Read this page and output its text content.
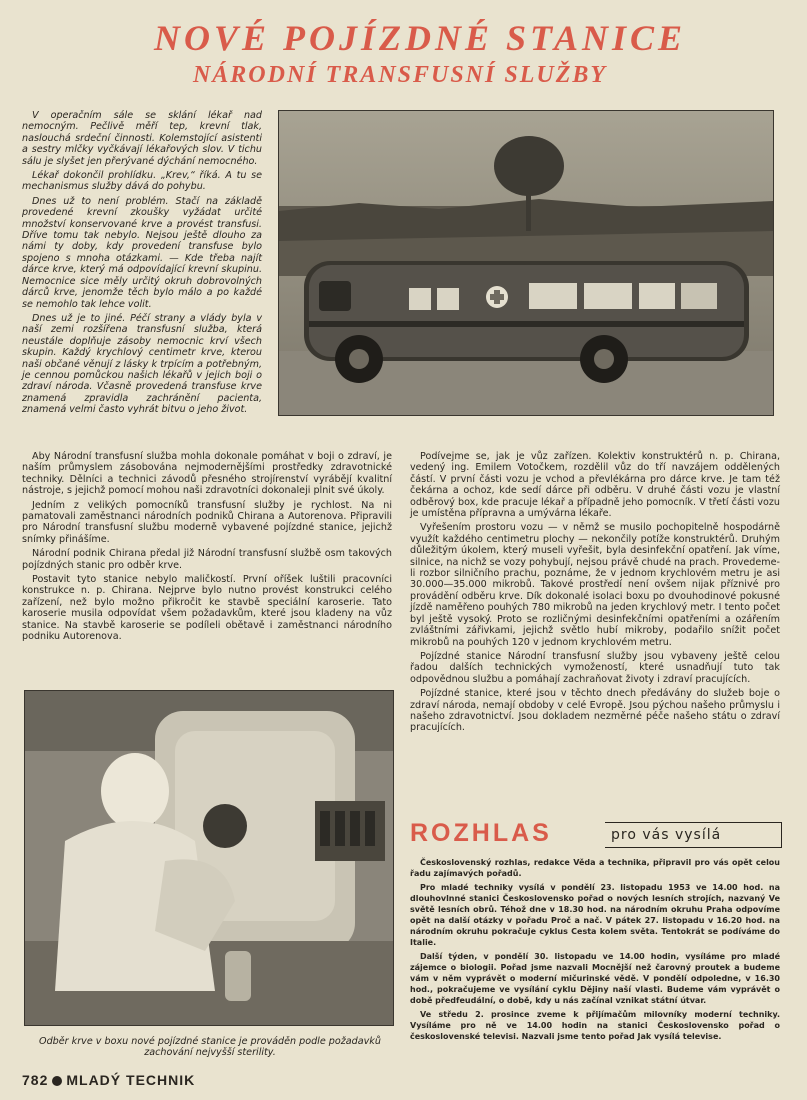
NOVÉ POJÍZDNÉ STANICE
NÁRODNÍ TRANSFUSNÍ SLUŽBY

V operačním sále se sklání lékař nad nemocným. Pečlivě měří tep, krevní tlak, naslouchá srdeční činnosti. Kolemstojící asistenti a sestry mlčky vyčkávají lékařových slov. V tichu sálu je slyšet jen přerývané dýchání nemocného.

Lékař dokončil prohlídku. „Krev,“ říká. A tu se mechanismus služby dává do pohybu.

Dnes už to není problém. Stačí na základě provedené krevní zkoušky vyžádat určité množství konservované krve a provést transfusi. Dříve tomu tak nebylo. Nejsou ještě dlouho za námi ty doby, kdy provedení transfuse bylo spojeno s mnoha otázkami. — Kde třeba najít dárce krve, který má odpovídající krevní skupinu. Nemocnice sice měly určitý okruh dobrovolných dárců krve, jenomže těch bylo málo a po každé se nemohlo tak lehce volit.

Dnes už je to jiné. Péčí strany a vlády byla v naší zemi rozšířena transfusní služba, která neustále doplňuje zásoby nemocnic krví všech skupin. Každý krychlový centimetr krve, kterou naši občané věnují z lásky k trpícím a potřebným, je cennou pomůckou našich lékařů v jejich boji o zdraví národa. Včasně provedená transfuse krve znamená zpravidla zachránění pacienta, znamená velmi často vyhrát bitvu o jeho život.

Aby Národní transfusní služba mohla dokonale pomáhat v boji o zdraví, je naším průmyslem zásobována nejmodernějšími prostředky zdravotnické techniky. Dělníci a technici závodů přesného strojírenství vyrábějí kvalitní nástroje, s jejichž pomocí mohou naši zdravotníci dokonaleji plnit své úkoly.

Jedním z velikých pomocníků transfusní služby je rychlost. Na ni pamatovali zaměstnanci národních podniků Chirana a Autorenova. Připravili pro Národní transfusní službu moderně vybavené pojízdné stanice, jejichž snímky přinášíme.

Národní podnik Chirana předal již Národní transfusní službě osm takových pojízdných stanic pro odběr krve.

Postavit tyto stanice nebylo maličkostí. První oříšek luštili pracovníci konstrukce n. p. Chirana. Nejprve bylo nutno provést konstrukci celého zařízení, než bylo možno přikročit ke stavbě speciální karoserie. Tato karoserie musila odpovídat všem požadavkům, které jsou kladeny na vůz stanice. Na stavbě karoserie se podíleli obětavě i zaměstnanci národního podniku Autorenova.

Podívejme se, jak je vůz zařízen. Kolektiv konstruktérů n. p. Chirana, vedený ing. Emilem Votočkem, rozdělil vůz do tří navzájem oddělených částí. V první části vozu je vchod a převlékárna pro dárce krve. Je tam též čekárna a ochoz, kde sedí dárce při odběru. V druhé části vozu je vlastní odběrový box, kde pracuje lékař a případně jeho pomocník. V třetí části vozu je umístěna přípravna a umývárna lékaře.

Vyřešením prostoru vozu — v němž se musilo pochopitelně hospodárně využít každého centimetru plochy — nekončily potíže konstruktérů. Druhým důležitým úkolem, který museli vyřešit, byla desinfekční opatření. Jak víme, silnice, na nichž se vozy pohybují, nejsou právě chudé na prach. Provedeme-li rozbor silničního prachu, poznáme, že v jednom krychlovém metru je asi 30.000—35.000 mikrobů. Takové prostředí není ovšem nijak příznivé pro provádění odběru krve. Dík dokonalé isolaci boxu po dvouhodinové pokusné jízdě naměřeno pouhých 780 mikrobů na jeden krychlový metr. I tento počet byl ještě vysoký. Proto se rozličnými desinfekčními opatřeními a ozářením zvláštními zářivkami, jejichž světlo hubí mikroby, podařilo snížit počet mikrobů na pouhých 120 v jednom krychlovém metru.

Pojízdné stanice Národní transfusní služby jsou vybaveny ještě celou řadou dalších technických vymožeností, které usnadňují tuto tak odpovědnou službu a pomáhají zachraňovat životy i zdraví pracujících.

Pojízdné stanice, které jsou v těchto dnech předávány do služeb boje o zdraví národa, nemají obdoby v celé Evropě. Jsou pýchou našeho průmyslu i našeho zdravotnictví. Jsou dokladem nezměrné péče našeho státu o zdraví pracujících.

Odběr krve v boxu nové pojízdné stanice je prováděn podle požadavků zachování nejvyšší sterility.
ROZHLAS	pro vás vysílá

Československý rozhlas, redakce Věda a technika, připravil pro vás opět celou řadu zajímavých pořadů.

Pro mladé techniky vysílá v pondělí 23. listopadu 1953 ve 14.00 hod. na dlouhovlnné stanici Československo pořad o nových lesních strojích, nazvaný Ve světě lesních obrů. Téhož dne v 18.30 hod. na národním okruhu Praha odpovíme opět na další otázky v pořadu Proč a nač. V pátek 27. listopadu v 16.20 hod. na národním okruhu pokračuje cyklus Cesta kolem světa. Tentokrát se podíváme do Italie.

Další týden, v pondělí 30. listopadu ve 14.00 hodin, vysíláme pro mladé zájemce o biologii. Pořad jsme nazvali Mocnější než čarovný proutek a budeme vám v něm vyprávět o moderní mičurinské vědě. V pondělí odpoledne, v 16.30 hod., pokračujeme ve vysílání cyklu Dějiny naší vlasti. Budeme vám vyprávět o době předfeudální, o době, kdy u nás začínal vznikat státní útvar.

Ve středu 2. prosince zveme k přijímačům milovníky moderní techniky. Vysíláme pro ně ve 14.00 hodin na stanici Československo pořad o československé televisi. Nazvali jsme tento pořad Jak vysílá televise.

782 MLADÝ TECHNIK
